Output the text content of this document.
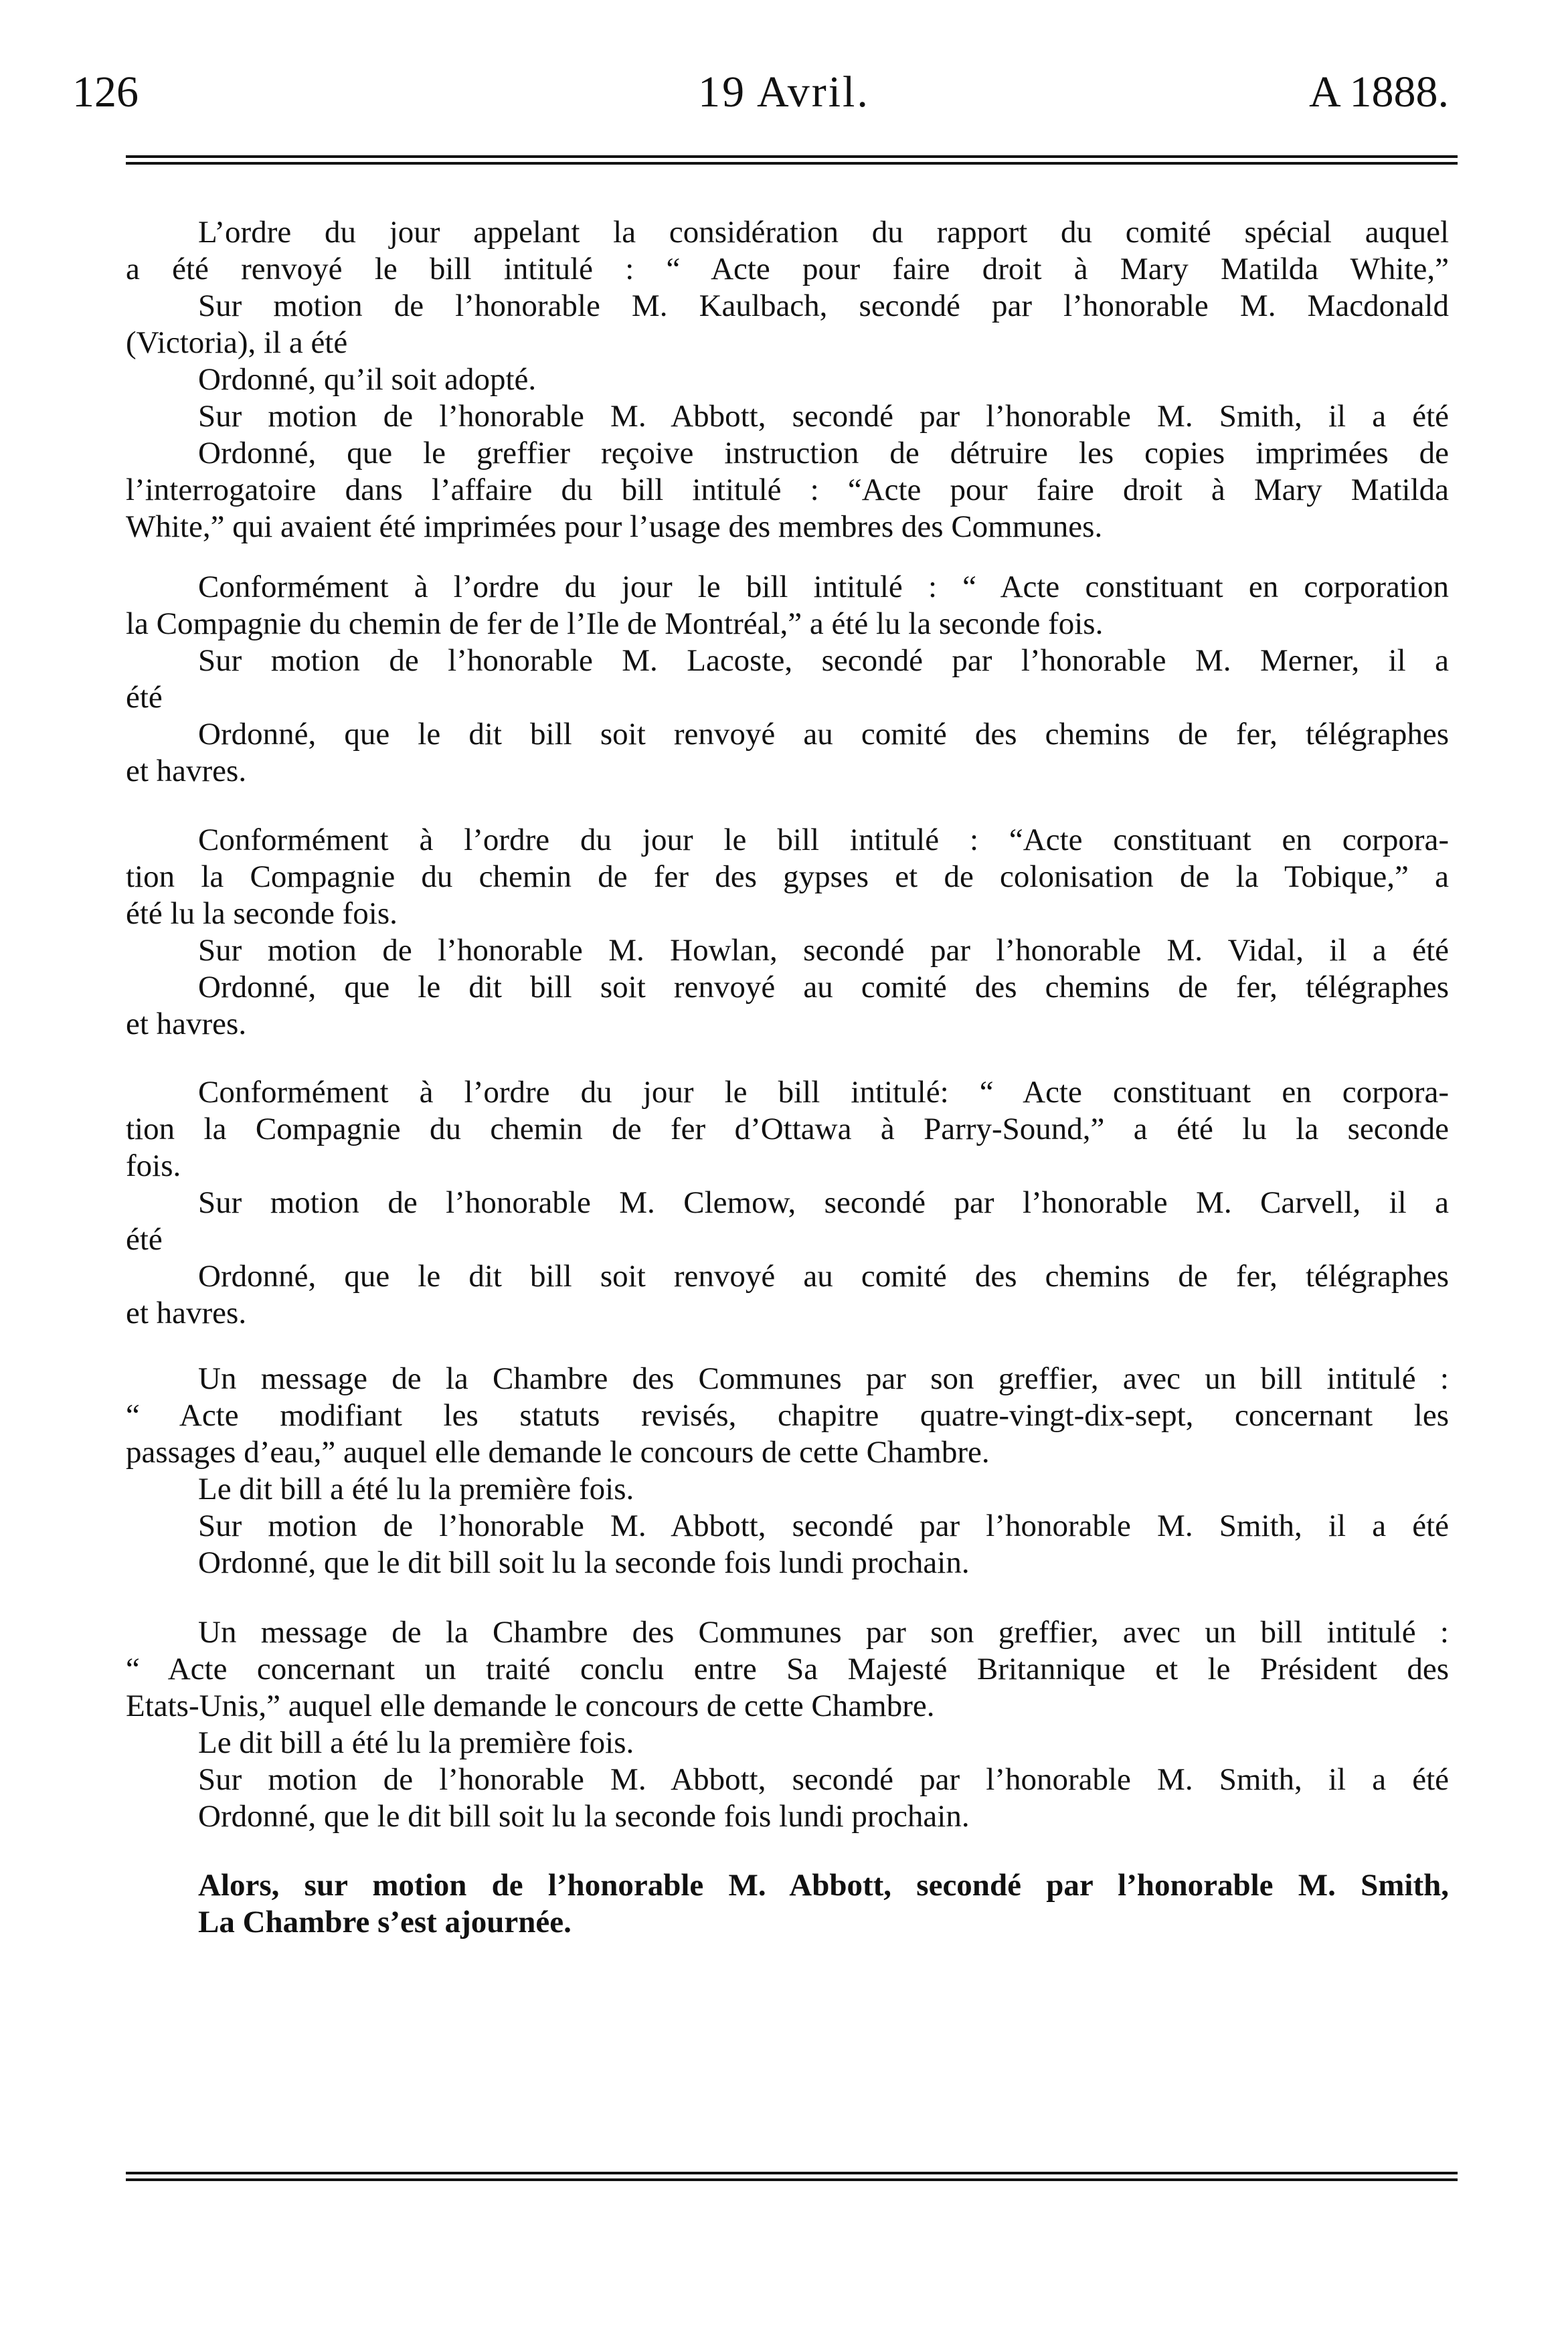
126	19 Avril.	A 1888.
L’ordre du jour appelant la considération du rapport du comité spécial auquel
a été renvoyé le bill intitulé : “ Acte pour faire droit à Mary Matilda White,”
Sur motion de l’honorable M. Kaulbach, secondé par l’honorable M. Macdonald
(Victoria), il a été
Ordonné, qu’il soit adopté.
Sur motion de l’honorable M. Abbott, secondé par l’honorable M. Smith, il a été
Ordonné, que le greffier reçoive instruction de détruire les copies imprimées de
l’interrogatoire dans l’affaire du bill intitulé : “Acte pour faire droit à Mary Matilda
White,” qui avaient été imprimées pour l’usage des membres des Communes.
Conformément à l’ordre du jour le bill intitulé : “ Acte constituant en corporation
la Compagnie du chemin de fer de l’Ile de Montréal,” a été lu la seconde fois.
Sur motion de l’honorable M. Lacoste, secondé par l’honorable M. Merner, il a
été
Ordonné, que le dit bill soit renvoyé au comité des chemins de fer, télégraphes
et havres.
Conformément à l’ordre du jour le bill intitulé : “Acte constituant en corpora-
tion la Compagnie du chemin de fer des gypses et de colonisation de la Tobique,” a
été lu la seconde fois.
Sur motion de l’honorable M. Howlan, secondé par l’honorable M. Vidal, il a été
Ordonné, que le dit bill soit renvoyé au comité des chemins de fer, télégraphes
et havres.
Conformément à l’ordre du jour le bill intitulé: “ Acte constituant en corpora-
tion la Compagnie du chemin de fer d’Ottawa à Parry-Sound,” a été lu la seconde
fois.
Sur motion de l’honorable M. Clemow, secondé par l’honorable M. Carvell, il a
été
Ordonné, que le dit bill soit renvoyé au comité des chemins de fer, télégraphes
et havres.
Un message de la Chambre des Communes par son greffier, avec un bill intitulé :
“ Acte modifiant les statuts revisés, chapitre quatre-vingt-dix-sept, concernant les
passages d’eau,” auquel elle demande le concours de cette Chambre.
Le dit bill a été lu la première fois.
Sur motion de l’honorable M. Abbott, secondé par l’honorable M. Smith, il a été
Ordonné, que le dit bill soit lu la seconde fois lundi prochain.
Un message de la Chambre des Communes par son greffier, avec un bill intitulé :
“ Acte concernant un traité conclu entre Sa Majesté Britannique et le Président des
Etats-Unis,” auquel elle demande le concours de cette Chambre.
Le dit bill a été lu la première fois.
Sur motion de l’honorable M. Abbott, secondé par l’honorable M. Smith, il a été
Ordonné, que le dit bill soit lu la seconde fois lundi prochain.
Alors, sur motion de l’honorable M. Abbott, secondé par l’honorable M. Smith,
La Chambre s’est ajournée.
